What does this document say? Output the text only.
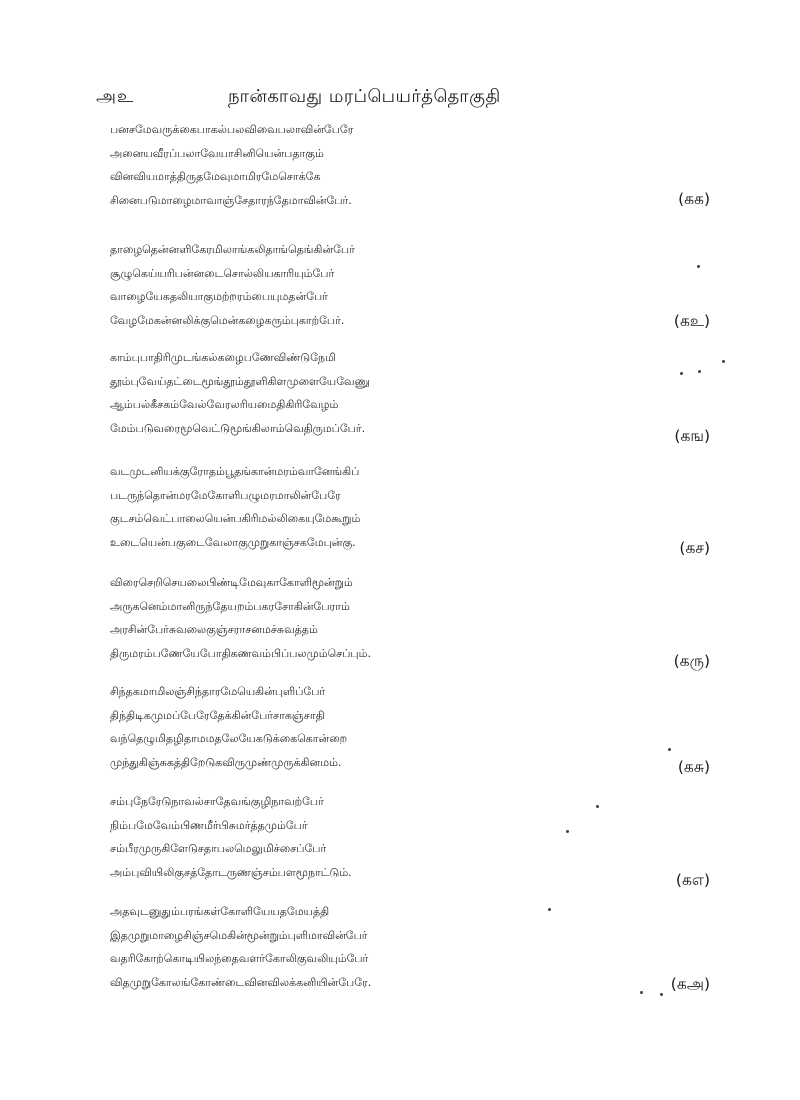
அஉ	நான்காவது மரப்பெயர்த்தொகுதி
பனசமேவருக்கைபாகல்பலவிவைபலாவின்பேரே
அனையவீரப்பலாவேயாசினியென்பதாகும்
வினவியமாத்திருதமேவுமாமிரமேசொக்கே
சினைபடுமாழைமாவாஞ்சேதாரந்தேமாவின்பேர்.	(கக)
தாழைதென்னளிகேரமிலாங்கலிதாங்தெங்கின்பேர்
சூழுகெய்யரிபன்னடைசொல்லியகாரியும்பேர்
வாழையேகதலியாகுமற்றரம்பையுமதன்பேர்
வேழமேகன்னலிக்குமென்கழைகரும்புகாற்பேர்.	(கஉ)
காம்புபாதிரிமுடங்கல்கழைபணேவிண்டுநேமி
தூம்புவேய்தட்டைமூங்தூம்தூளிகிளமுளையேவேணு
ஆம்பல்கீசகம்வேல்வேரலரியமைதிகிரிவேழம்
மேம்படுவரைமூவெட்டுமூங்கிலாம்வெதிருமப்பேர்.	(கங)
வடமுடனியக்குரோதம்பூதங்கான்மரம்வானேங்கிப்
படருந்தொன்மரமேகோளிபழுமரமாலின்பேரே
குடசம்வெட்பாலையென்பகிரிமல்லிகையுமேகூறும்
உடையென்பகுடைவேலாகுமுறுகாஞ்சகமேபுன்கு.	(கச)
விரைசெறிசெயலைபிண்டிமேவுகாகோளிமூன்றும்
அருகனெம்மானிருந்தேயறம்பகரசோகின்பேராம்
அரசின்பேர்சுவலைகுஞ்சராசனமச்சுவத்தம்
திருமரம்பணேயேபோதிகணவம்பிப்பலமும்செப்பும்.	(கரு)
சிந்தகமாமிலஞ்சிந்தாரமேயெகின்புளிப்பேர்
திந்திடிகமுமப்பேரேதேக்கின்பேர்சாகஞ்சாதி
வந்தெழுமிதழிதாமமதலேயேகடுக்கைகொன்றை
முந்துகிஞ்சுகத்திறேடுகவிருமுண்முருக்கினமம்.	(கசு)
சம்புநேரேடுநாவல்சாதேவங்குழிநாவற்பேர்
நிம்பமேவேம்பிணமீர்பிசுமர்த்தமும்பேர்
சம்பீரமுருகிளேடுசதாபலமெலுமிச்சைப்பேர்
அம்புவியிலிகுசத்தோடருணஞ்சம்பளமூநாட்டும்.	(கஎ)
அதவுடனுதும்பரங்கள்கோளியேயதமேயத்தி
இதமுறுமாழைசிஞ்சமெகின்மூன்றும்புளிமாவின்பேர்
வதரிகோற்கொடியிலந்தைவளர்கோலிகுவலியும்பேர்
விதமுறுகோலங்கோண்டைவினவிலக்கனியின்பேரே.	(கஅ)
